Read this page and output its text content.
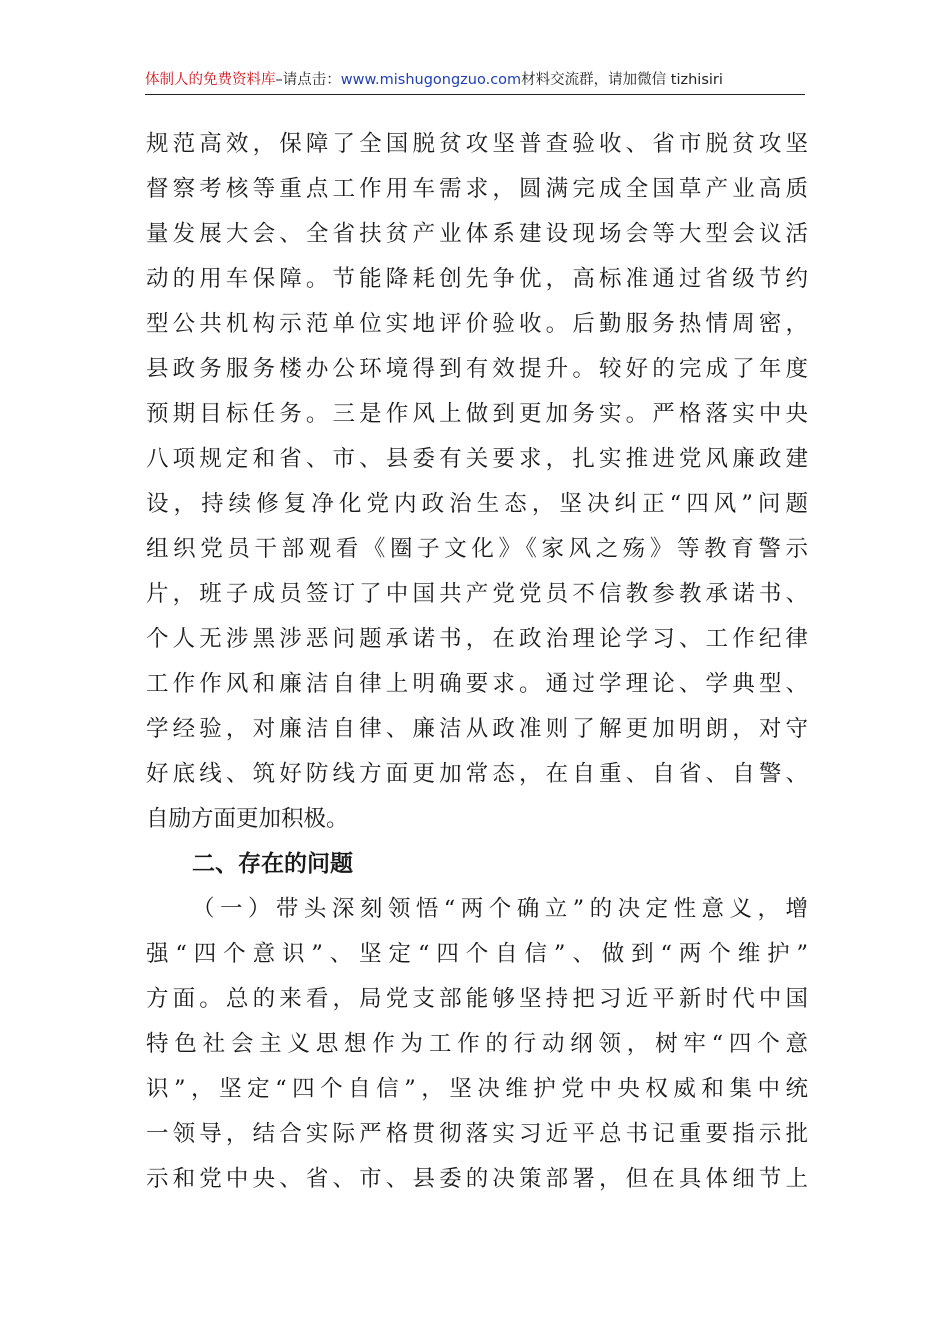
体制人的免费资料库–请点击：www.mishugongzuo.com材料交流群，请加微信 tizhisiri
规范高效，保障了全国脱贫攻坚普查验收、省市脱贫攻坚
督察考核等重点工作用车需求，圆满完成全国草产业高质
量发展大会、全省扶贫产业体系建设现场会等大型会议活
动的用车保障。节能降耗创先争优，高标准通过省级节约
型公共机构示范单位实地评价验收。后勤服务热情周密，
县政务服务楼办公环境得到有效提升。较好的完成了年度
预期目标任务。三是作风上做到更加务实。严格落实中央
八项规定和省、市、县委有关要求，扎实推进党风廉政建
设，持续修复净化党内政治生态，坚决纠正“四风”问题
组织党员干部观看《圈子文化》《家风之殇》等教育警示
片，班子成员签订了中国共产党党员不信教参教承诺书、
个人无涉黑涉恶问题承诺书，在政治理论学习、工作纪律
工作作风和廉洁自律上明确要求。通过学理论、学典型、
学经验，对廉洁自律、廉洁从政准则了解更加明朗，对守
好底线、筑好防线方面更加常态，在自重、自省、自警、
自励方面更加积极。
二、存在的问题
（一）带头深刻领悟“两个确立”的决定性意义，增
强“四个意识”、坚定“四个自信”、做到“两个维护”
方面。总的来看，局党支部能够坚持把习近平新时代中国
特色社会主义思想作为工作的行动纲领，树牢“四个意
识”，坚定“四个自信”，坚决维护党中央权威和集中统
一领导，结合实际严格贯彻落实习近平总书记重要指示批
示和党中央、省、市、县委的决策部署，但在具体细节上
